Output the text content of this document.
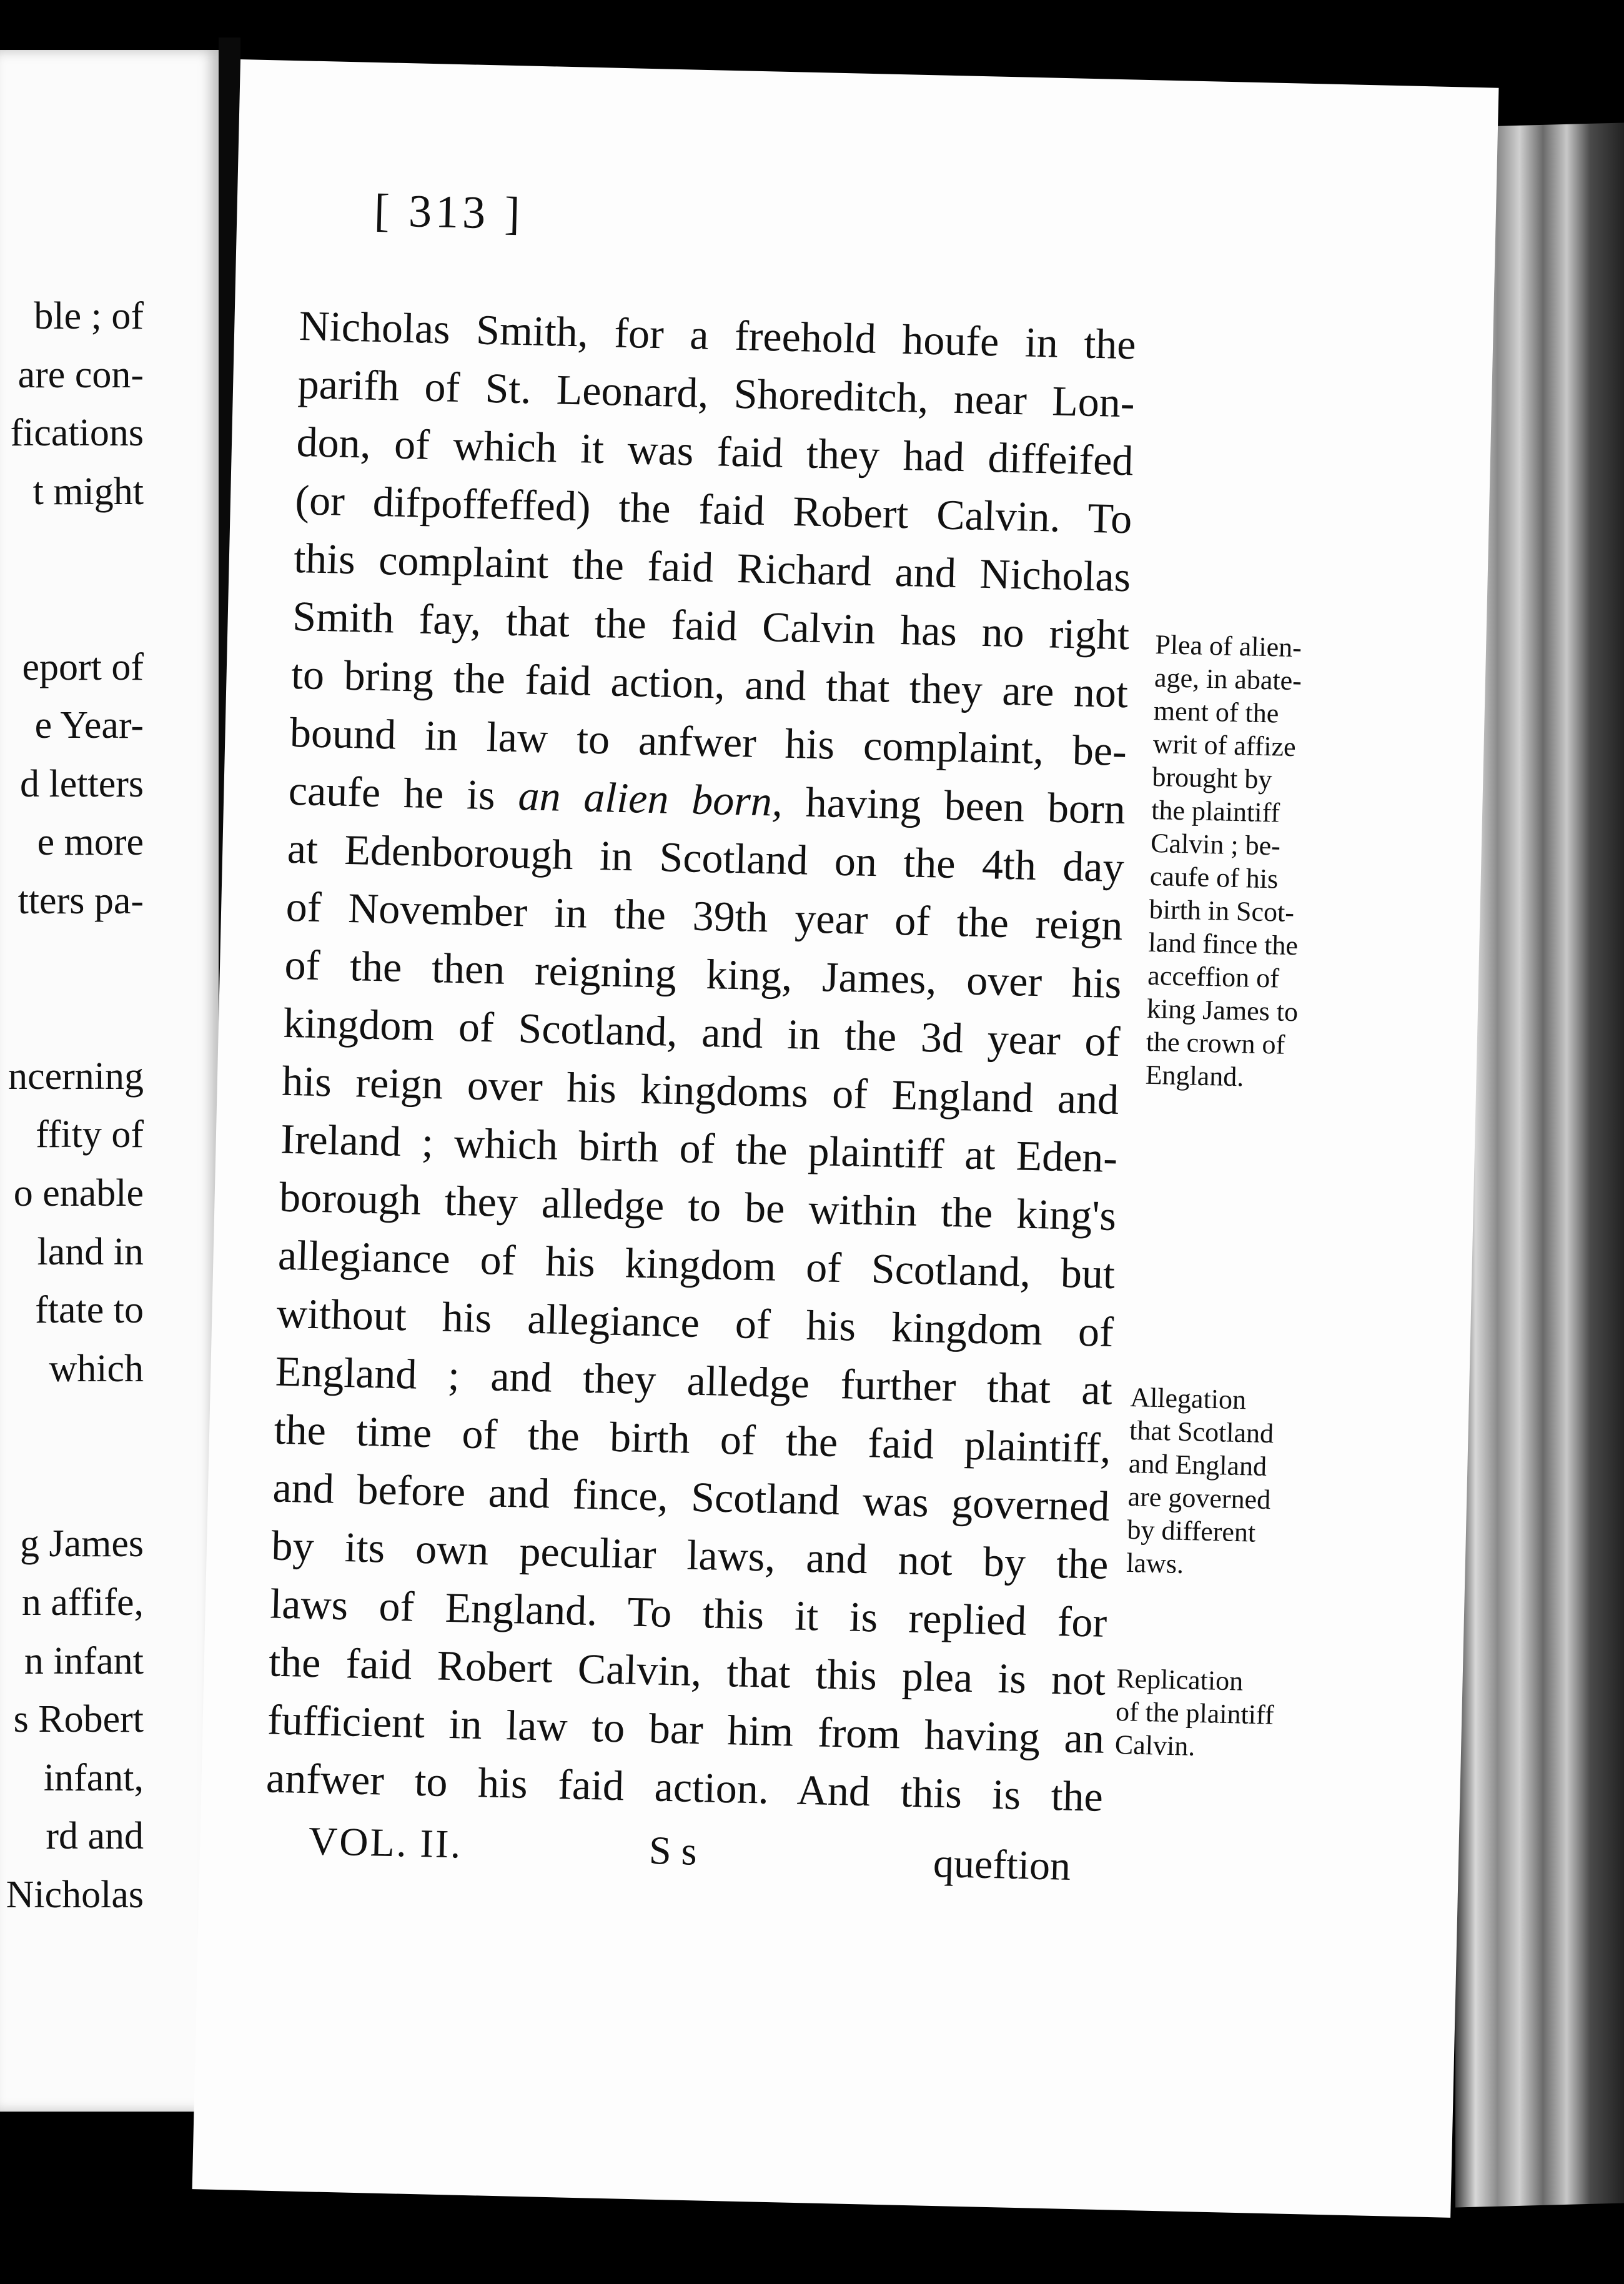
ble ; of
are con-
fications
t might

eport of
e Year-
d letters
e more
tters pa-

ncerning
ffity of
o enable
land in
ftate to
which

g James
n affife,
n infant
s Robert
infant,
rd and
Nicholas
[ 313 ]
Nicholas Smith, for a freehold houfe in the
parifh of St. Leonard, Shoreditch, near Lon-
don, of which it was faid they had diffeifed
(or difpoffeffed) the faid Robert Calvin. To
this complaint the faid Richard and Nicholas
Smith fay, that the faid Calvin has no right
to bring the faid action, and that they are not
bound in law to anfwer his complaint, be-
caufe he is an alien born, having been born
at Edenborough in Scotland on the 4th day
of November in the 39th year of the reign
of the then reigning king, James, over his
kingdom of Scotland, and in the 3d year of
his reign over his kingdoms of England and
Ireland ; which birth of the plaintiff at Eden-
borough they alledge to be within the king's
allegiance of his kingdom of Scotland, but
without his allegiance of his kingdom of
England ; and they alledge further that at
the time of the birth of the faid plaintiff,
and before and fince, Scotland was governed
by its own peculiar laws, and not by the
laws of England. To this it is replied for
the faid Robert Calvin, that this plea is not
fufficient in law to bar him from having an
anfwer to his faid action. And this is the
Plea of alien-
age, in abate-
ment of the
writ of affize
brought by
the plaintiff
Calvin ; be-
caufe of his
birth in Scot-
land fince the
acceffion of
king James to
the crown of
England.
Allegation
that Scotland
and England
are governed
by different
laws.
Replication
of the plaintiff
Calvin.
VOL. II.	S s	queftion
